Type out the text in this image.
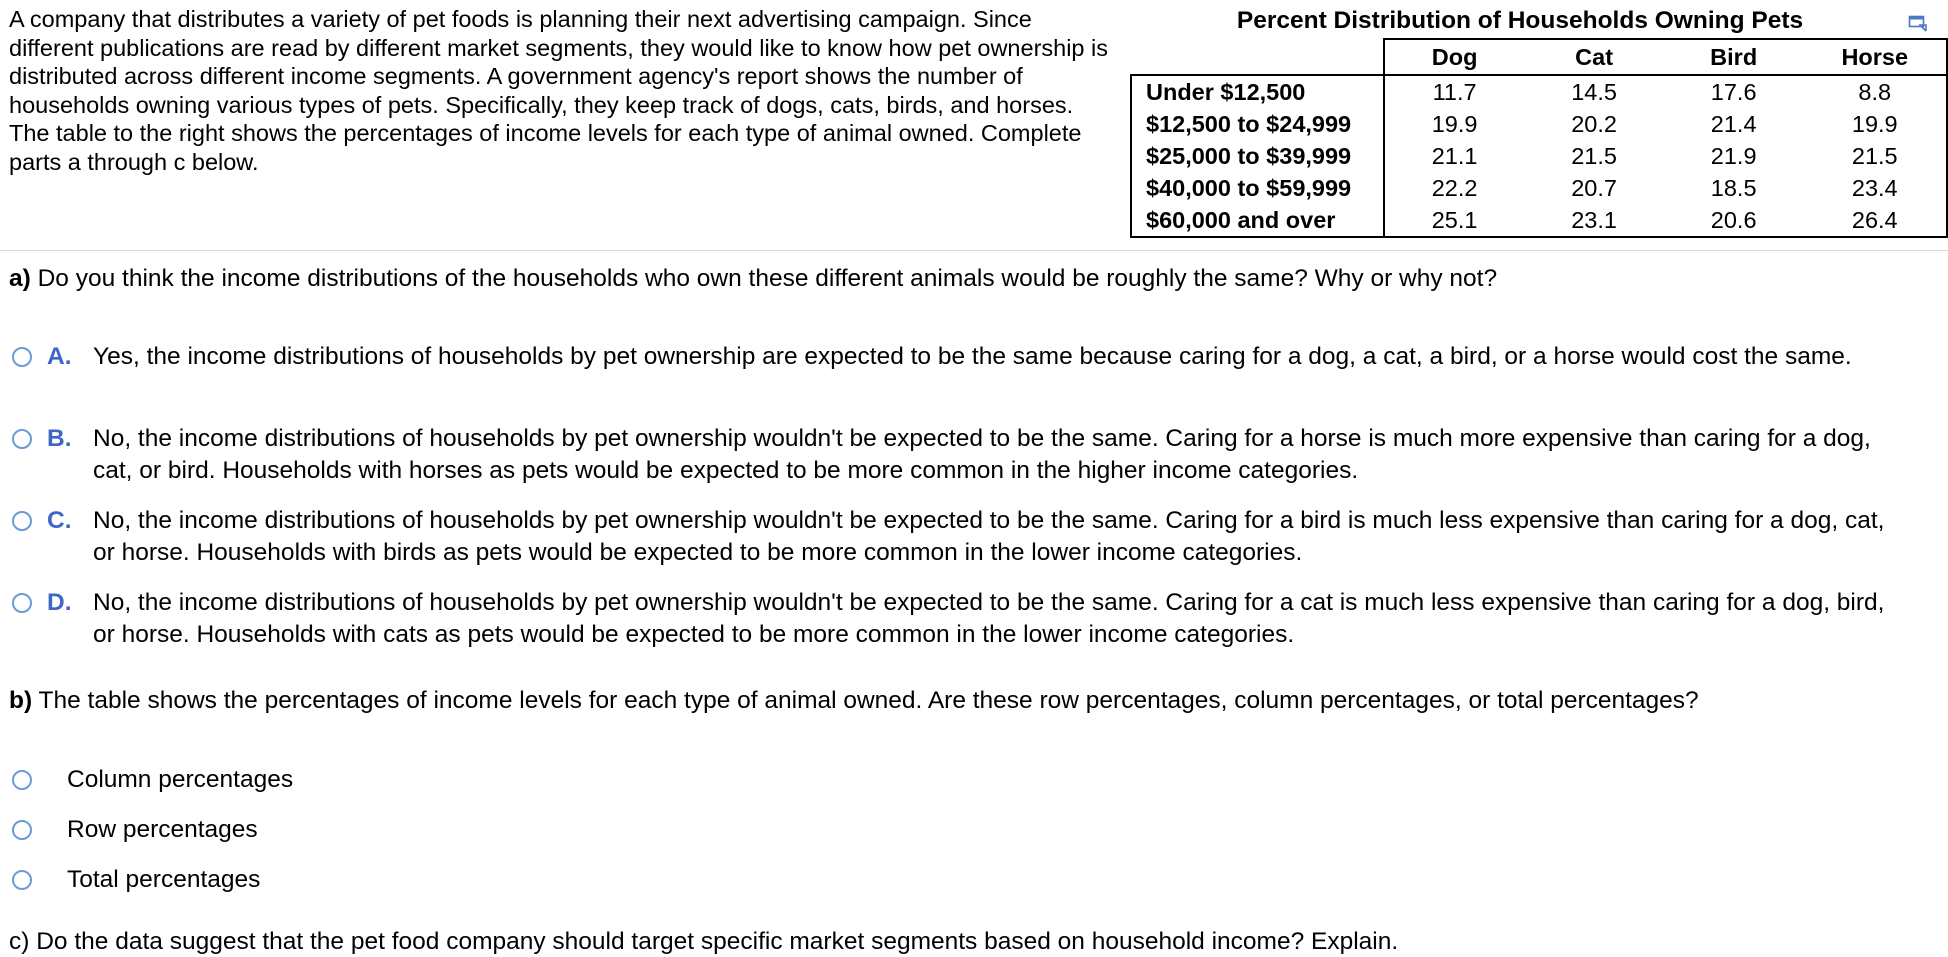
A company that distributes a variety of pet foods is planning their next advertising campaign. Since different publications are read by different market segments, they would like to know how pet ownership is distributed across different income segments. A government agency's report shows the number of households owning various types of pets. Specifically, they keep track of dogs, cats, birds, and horses. The table to the right shows the percentages of income levels for each type of animal owned. Complete parts a through c below.

Percent Distribution of Households Owning Pets
	Dog	Cat	Bird	Horse
Under $12,500	11.7	14.5	17.6	8.8
$12,500 to $24,999	19.9	20.2	21.4	19.9
$25,000 to $39,999	21.1	21.5	21.9	21.5
$40,000 to $59,999	22.2	20.7	18.5	23.4
$60,000 and over	25.1	23.1	20.6	26.4

a) Do you think the income distributions of the households who own these different animals would be roughly the same? Why or why not?

A. Yes, the income distributions of households by pet ownership are expected to be the same because caring for a dog, a cat, a bird, or a horse would cost the same.
B. No, the income distributions of households by pet ownership wouldn't be expected to be the same. Caring for a horse is much more expensive than caring for a dog, cat, or bird. Households with horses as pets would be expected to be more common in the higher income categories.
C. No, the income distributions of households by pet ownership wouldn't be expected to be the same. Caring for a bird is much less expensive than caring for a dog, cat, or horse. Households with birds as pets would be expected to be more common in the lower income categories.
D. No, the income distributions of households by pet ownership wouldn't be expected to be the same. Caring for a cat is much less expensive than caring for a dog, bird, or horse. Households with cats as pets would be expected to be more common in the lower income categories.

b) The table shows the percentages of income levels for each type of animal owned. Are these row percentages, column percentages, or total percentages?

Column percentages
Row percentages
Total percentages
c) Do the data suggest that the pet food company should target specific market segments based on household income? Explain.
